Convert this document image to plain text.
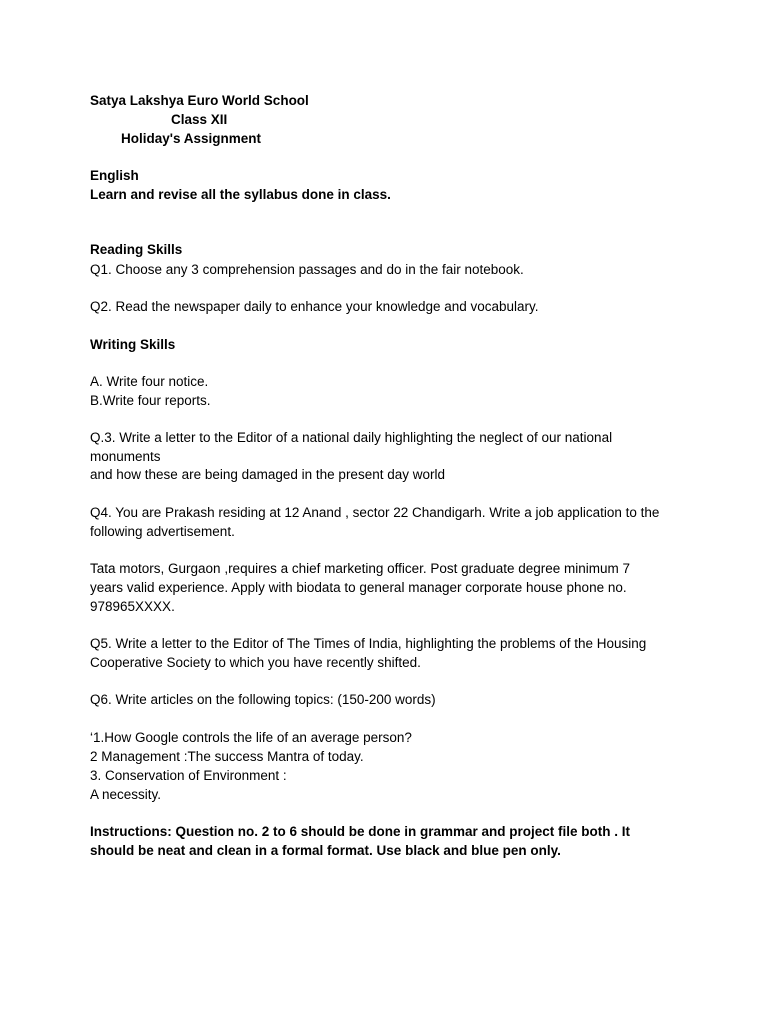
Satya Lakshya Euro World School

Class XII

Holiday's Assignment

English

Learn and revise all the syllabus done in class.

Reading Skills

Q1. Choose any 3 comprehension passages and do in the fair notebook.

Q2. Read the newspaper daily to enhance your knowledge and vocabulary.

Writing Skills

A. Write four notice.

B.Write four reports.

Q.3. Write a letter to the Editor of a national daily highlighting the neglect of our national

monuments

and how these are being damaged in the present day world

Q4. You are Prakash residing at 12 Anand , sector 22 Chandigarh. Write a job application to the

following advertisement.

Tata motors, Gurgaon ,requires a chief marketing officer. Post graduate degree minimum 7

years valid experience. Apply with biodata to general manager corporate house phone no.

978965XXXX.

Q5. Write a letter to the Editor of The Times of India, highlighting the problems of the Housing

Cooperative Society to which you have recently shifted.

Q6. Write articles on the following topics: (150-200 words)

‘1.How Google controls the life of an average person?

2 Management :The success Mantra of today.

3. Conservation of Environment :

A necessity.

Instructions: Question no. 2 to 6 should be done in grammar and project file both . It

should be neat and clean in a formal format. Use black and blue pen only.
